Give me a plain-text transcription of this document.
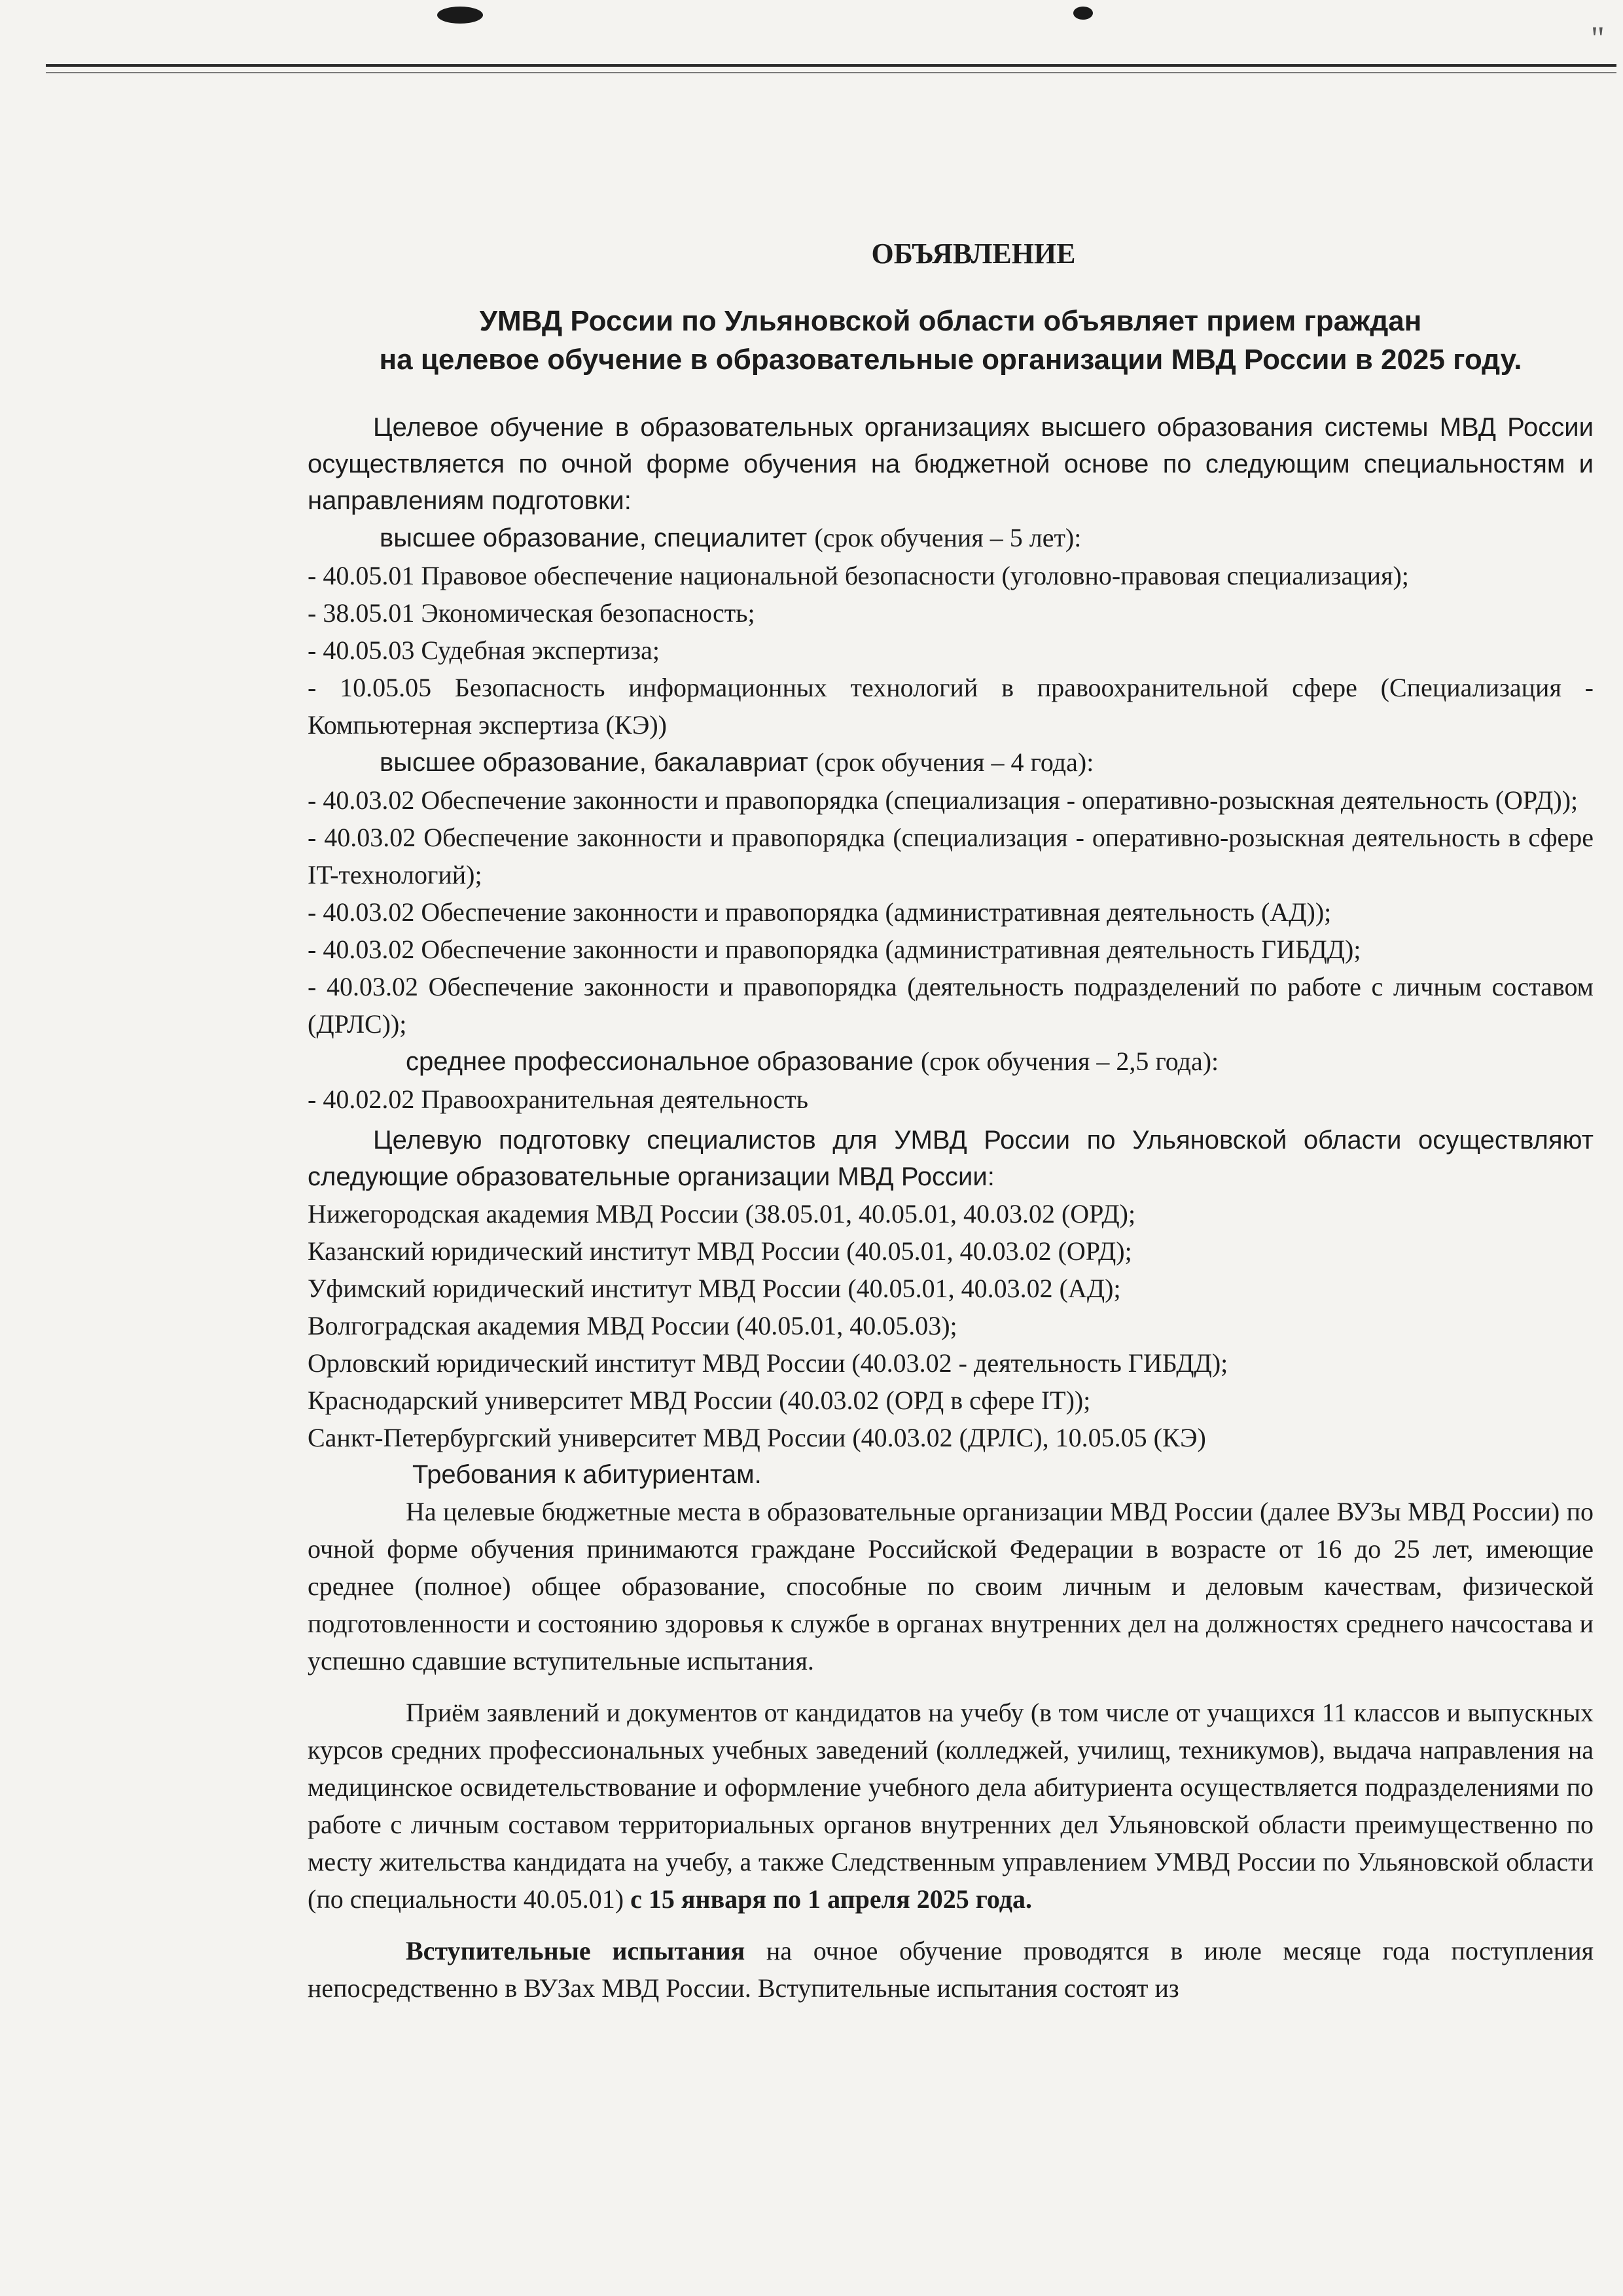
"
ОБЪЯВЛЕНИЕ
УМВД России по Ульяновской области объявляет прием граждан
на целевое обучение в образовательные организации МВД России в 2025 году.

Целевое обучение в образовательных организациях высшего образования системы МВД России осуществляется по очной форме обучения на бюджетной основе по следующим специальностям и направлениям подготовки:

высшее образование, специалитет (срок обучения – 5 лет):

- 40.05.01 Правовое обеспечение национальной безопасности (уголовно-правовая специализация);

- 38.05.01 Экономическая безопасность;

- 40.05.03 Судебная экспертиза;

- 10.05.05 Безопасность информационных технологий в правоохранительной сфере (Специализация - Компьютерная экспертиза (КЭ))

высшее образование, бакалавриат (срок обучения – 4 года):

- 40.03.02 Обеспечение законности и правопорядка (специализация - оперативно-розыскная деятельность (ОРД));

- 40.03.02 Обеспечение законности и правопорядка (специализация - оперативно-розыскная деятельность в сфере IT-технологий);

- 40.03.02 Обеспечение законности и правопорядка (административная деятельность (АД));

- 40.03.02 Обеспечение законности и правопорядка (административная деятельность ГИБДД);

- 40.03.02 Обеспечение законности и правопорядка (деятельность подразделений по работе с личным составом (ДРЛС));

среднее профессиональное образование (срок обучения – 2,5 года):

- 40.02.02 Правоохранительная деятельность

Целевую подготовку специалистов для УМВД России по Ульяновской области осуществляют следующие образовательные организации МВД России:

Нижегородская академия МВД России (38.05.01, 40.05.01, 40.03.02 (ОРД);

Казанский юридический институт МВД России (40.05.01, 40.03.02 (ОРД);

Уфимский юридический институт МВД России (40.05.01, 40.03.02 (АД);

Волгоградская академия МВД России (40.05.01, 40.05.03);

Орловский юридический институт МВД России (40.03.02 - деятельность ГИБДД);

Краснодарский университет МВД России (40.03.02 (ОРД в сфере IT));

Санкт-Петербургский университет МВД России (40.03.02 (ДРЛС), 10.05.05 (КЭ)

Требования к абитуриентам.

На целевые бюджетные места в образовательные организации МВД России (далее ВУЗы МВД России) по очной форме обучения принимаются граждане Российской Федерации в возрасте от 16 до 25 лет, имеющие среднее (полное) общее образование, способные по своим личным и деловым качествам, физической подготовленности и состоянию здоровья к службе в органах внутренних дел на должностях среднего начсостава и успешно сдавшие вступительные испытания.

Приём заявлений и документов от кандидатов на учебу (в том числе от учащихся 11 классов и выпускных курсов средних профессиональных учебных заведений (колледжей, училищ, техникумов), выдача направления на медицинское освидетельствование и оформление учебного дела абитуриента осуществляется подразделениями по работе с личным составом территориальных органов внутренних дел Ульяновской области преимущественно по месту жительства кандидата на учебу, а также Следственным управлением УМВД России по Ульяновской области (по специальности 40.05.01) с 15 января по 1 апреля 2025 года.

Вступительные испытания на очное обучение проводятся в июле месяце года поступления непосредственно в ВУЗах МВД России. Вступительные испытания состоят из
